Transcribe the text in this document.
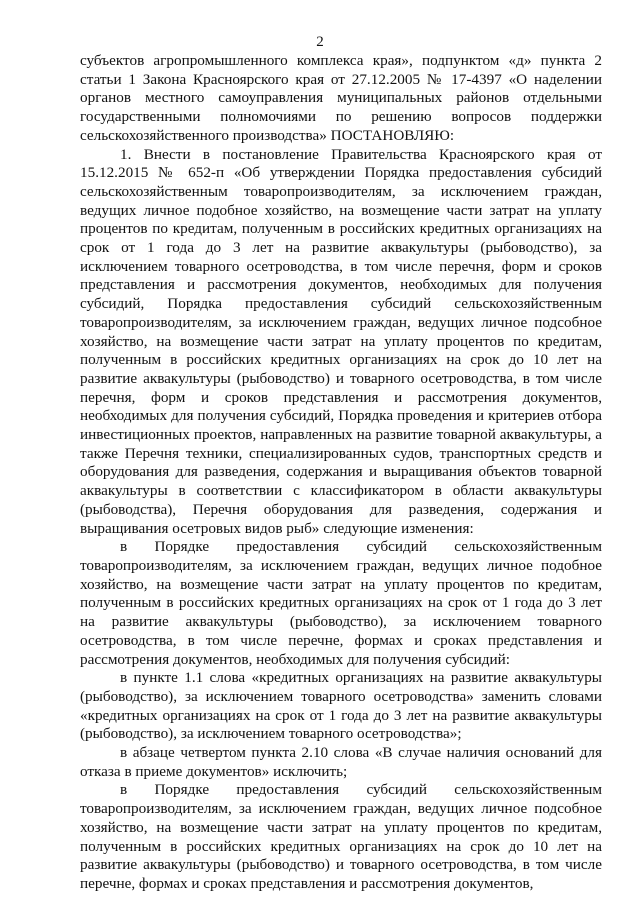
2

субъектов агропромышленного комплекса края», подпунктом «д» пункта 2 статьи 1 Закона Красноярского края от 27.12.2005 № 17-4397 «О наделении органов местного самоуправления муниципальных районов отдельными государственными полномочиями по решению вопросов поддержки сельскохозяйственного производства» ПОСТАНОВЛЯЮ:

1. Внести в постановление Правительства Красноярского края от 15.12.2015 № 652-п «Об утверждении Порядка предоставления субсидий сельскохозяйственным товаропроизводителям, за исключением граждан, ведущих личное подобное хозяйство, на возмещение части затрат на уплату процентов по кредитам, полученным в российских кредитных организациях на срок от 1 года до 3 лет на развитие аквакультуры (рыбоводство), за исключением товарного осетроводства, в том числе перечня, форм и сроков представления и рассмотрения документов, необходимых для получения субсидий, Порядка предоставления субсидий сельскохозяйственным товаропроизводителям, за исключением граждан, ведущих личное подсобное хозяйство, на возмещение части затрат на уплату процентов по кредитам, полученным в российских кредитных организациях на срок до 10 лет на развитие аквакультуры (рыбоводство) и товарного осетроводства, в том числе перечня, форм и сроков представления и рассмотрения документов, необходимых для получения субсидий, Порядка проведения и критериев отбора инвестиционных проектов, направленных на развитие товарной аквакультуры, а также Перечня техники, специализированных судов, транспортных средств и оборудования для разведения, содержания и выращивания объектов товарной аквакультуры в соответствии с классификатором в области аквакультуры (рыбоводства), Перечня оборудования для разведения, содержания и выращивания осетровых видов рыб» следующие изменения:

в Порядке предоставления субсидий сельскохозяйственным товаропроизводителям, за исключением граждан, ведущих личное подобное хозяйство, на возмещение части затрат на уплату процентов по кредитам, полученным в российских кредитных организациях на срок от 1 года до 3 лет на развитие аквакультуры (рыбоводство), за исключением товарного осетроводства, в том числе перечне, формах и сроках представления и рассмотрения документов, необходимых для получения субсидий:

в пункте 1.1 слова «кредитных организациях на развитие аквакультуры (рыбоводство), за исключением товарного осетроводства» заменить словами «кредитных организациях на срок от 1 года до 3 лет на развитие аквакультуры (рыбоводство), за исключением товарного осетроводства»;

в абзаце четвертом пункта 2.10 слова «В случае наличия оснований для отказа в приеме документов» исключить;

в Порядке предоставления субсидий сельскохозяйственным товаропроизводителям, за исключением граждан, ведущих личное подсобное хозяйство, на возмещение части затрат на уплату процентов по кредитам, полученным в российских кредитных организациях на срок до 10 лет на развитие аквакультуры (рыбоводство) и товарного осетроводства, в том числе перечне, формах и сроках представления и рассмотрения документов,
